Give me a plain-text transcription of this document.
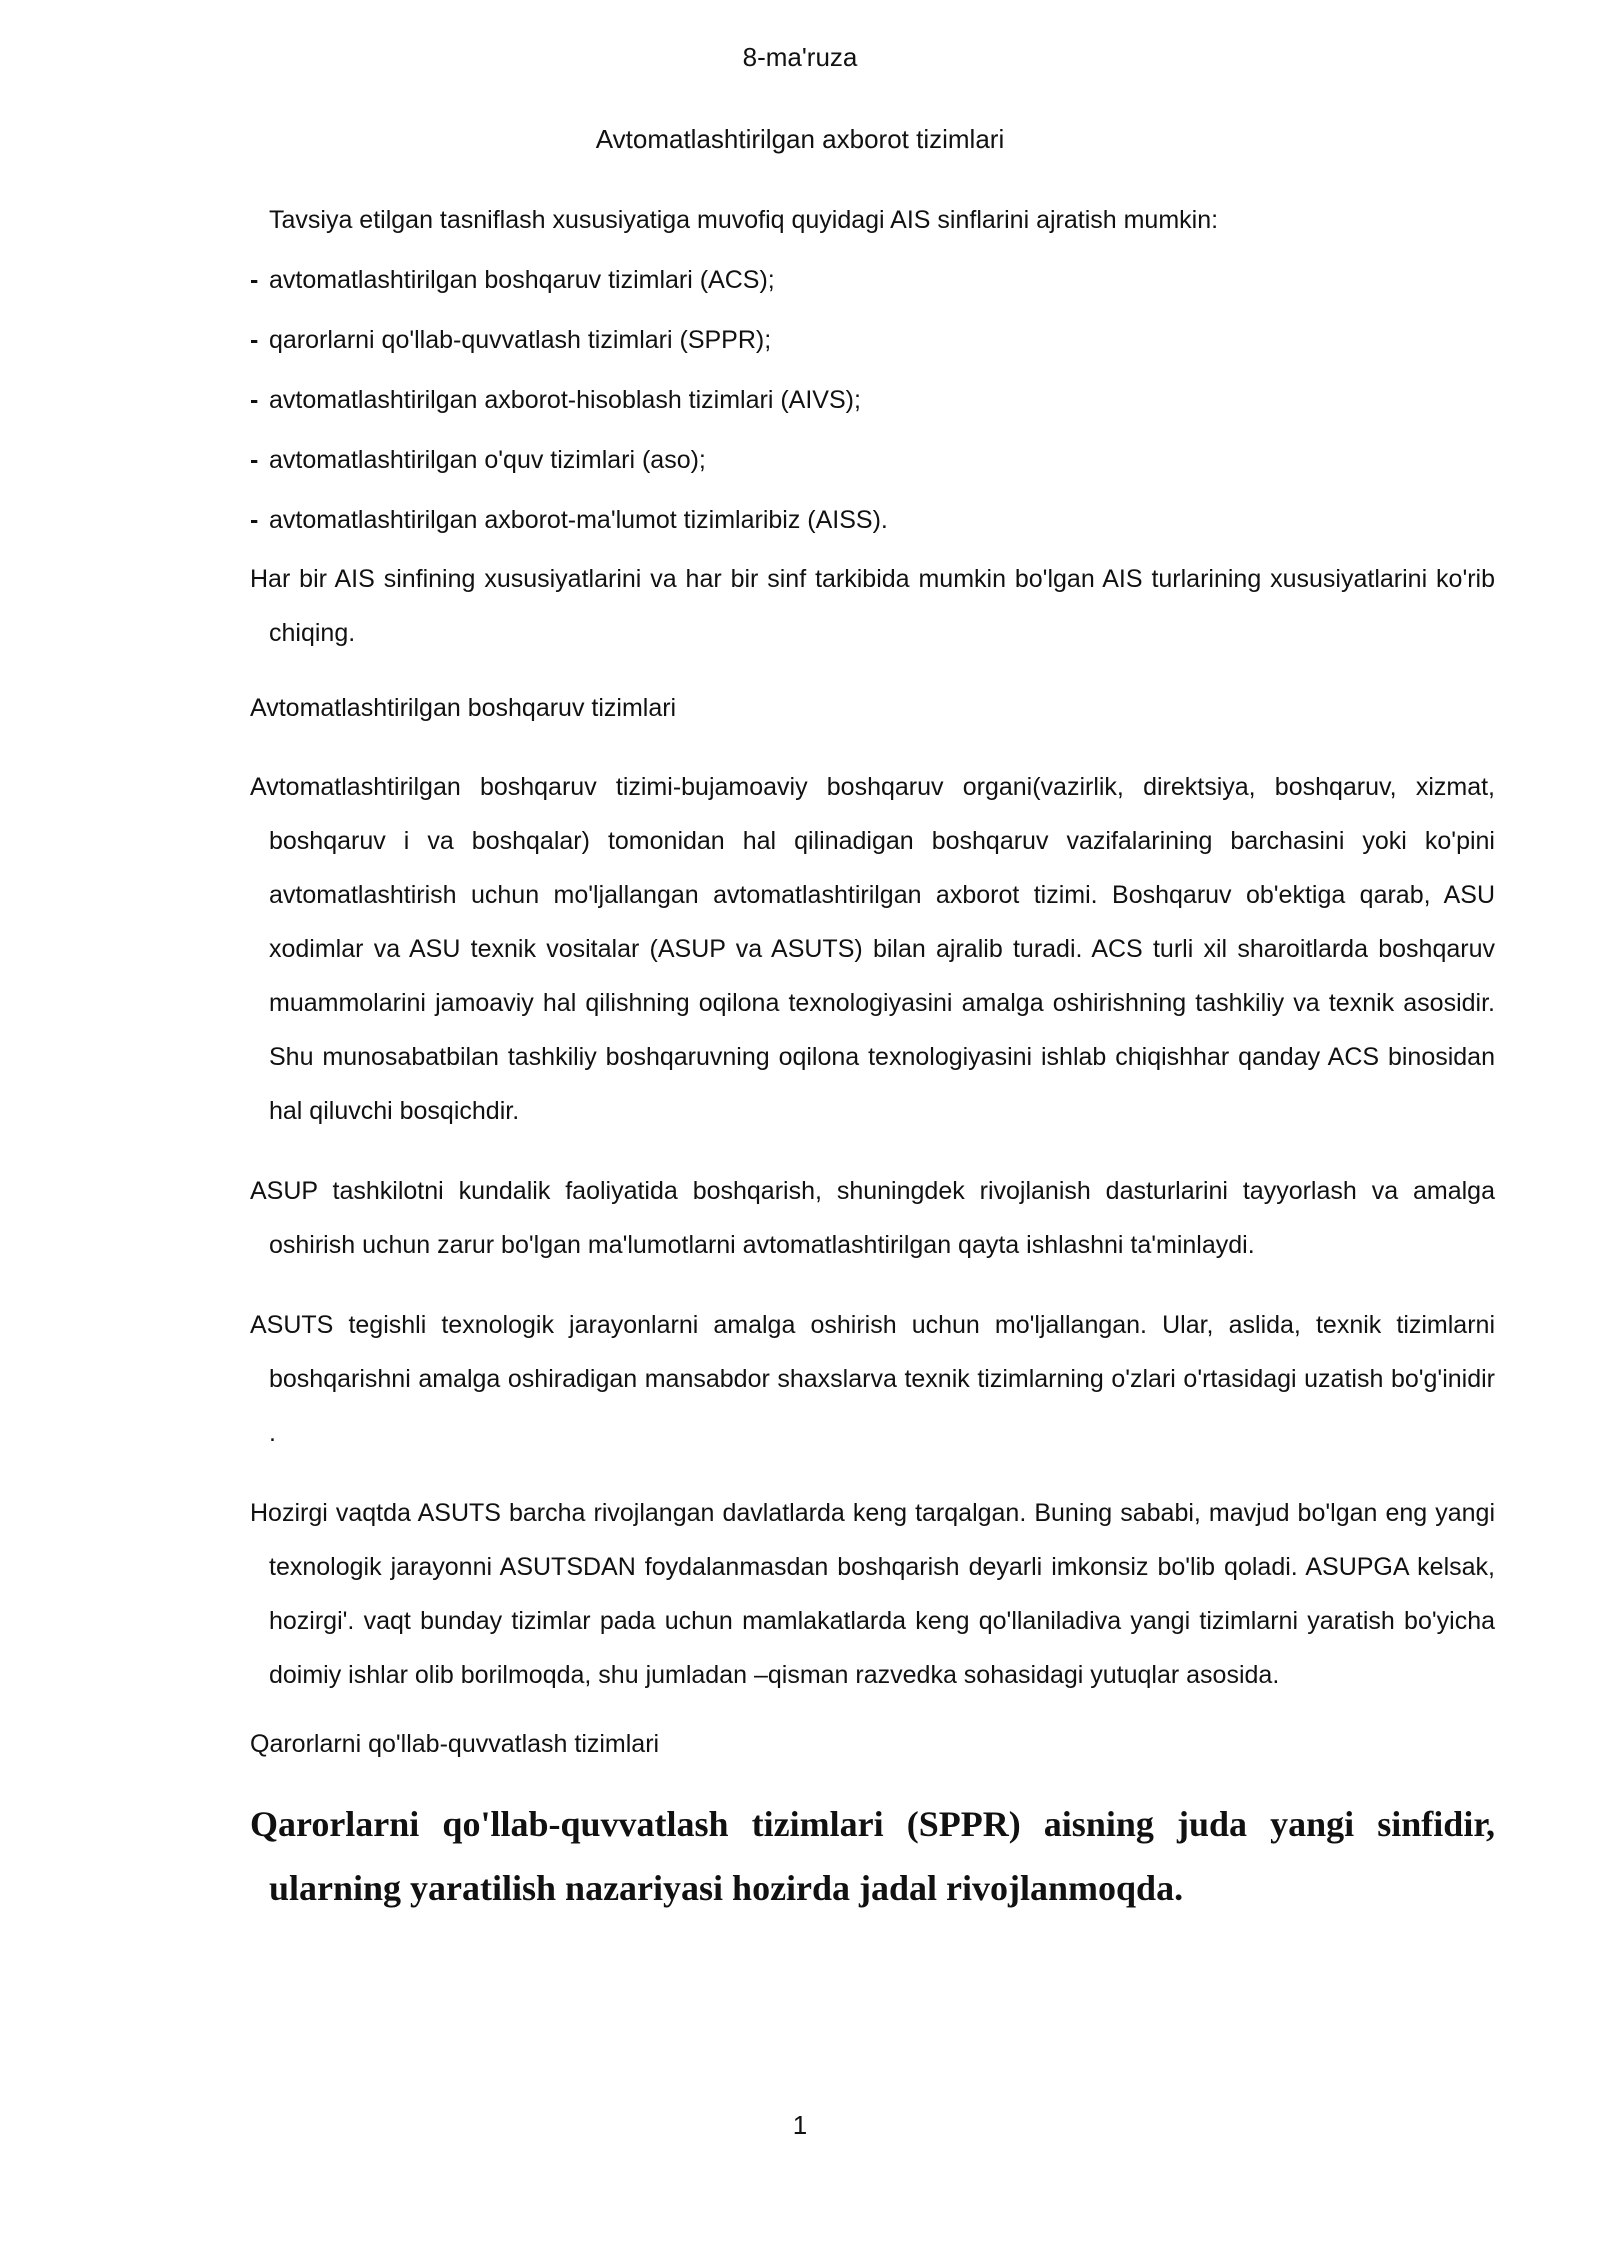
8-ma'ruza
Avtomatlashtirilgan axborot tizimlari

Tavsiya etilgan tasniflash xususiyatiga muvofiq quyidagi AIS sinflarini ajratish mumkin:

- avtomatlashtirilgan boshqaruv tizimlari (ACS);
- qarorlarni qo'llab-quvvatlash tizimlari (SPPR);
- avtomatlashtirilgan axborot-hisoblash tizimlari (AIVS);
- avtomatlashtirilgan o'quv tizimlari (aso);
- avtomatlashtirilgan axborot-ma'lumot tizimlaribiz (AISS).

Har bir AIS sinfining xususiyatlarini va har bir sinf tarkibida mumkin bo'lgan AIS turlarining xususiyatlarini ko'rib chiqing.

Avtomatlashtirilgan boshqaruv tizimlari

Avtomatlashtirilgan boshqaruv tizimi-bujamoaviy boshqaruv organi(vazirlik, direktsiya, boshqaruv, xizmat, boshqaruv i va boshqalar) tomonidan hal qilinadigan boshqaruv vazifalarining barchasini yoki ko'pini avtomatlashtirish uchun mo'ljallangan avtomatlashtirilgan axborot tizimi. Boshqaruv ob'ektiga qarab, ASU xodimlar va ASU texnik vositalar (ASUP va ASUTS) bilan ajralib turadi. ACS turli xil sharoitlarda boshqaruv muammolarini jamoaviy hal qilishning oqilona texnologiyasini amalga oshirishning tashkiliy va texnik asosidir. Shu munosabatbilan tashkiliy boshqaruvning oqilona texnologiyasini ishlab chiqishhar qanday ACS binosidan hal qiluvchi bosqichdir.

ASUP tashkilotni kundalik faoliyatida boshqarish, shuningdek rivojlanish dasturlarini tayyorlash va amalga oshirish uchun zarur bo'lgan ma'lumotlarni avtomatlashtirilgan qayta ishlashni ta'minlaydi.

ASUTS tegishli texnologik jarayonlarni amalga oshirish uchun mo'ljallangan. Ular, aslida, texnik tizimlarni boshqarishni amalga oshiradigan mansabdor shaxslarva texnik tizimlarning o'zlari o'rtasidagi uzatish bo'g'inidir .

Hozirgi vaqtda ASUTS barcha rivojlangan davlatlarda keng tarqalgan. Buning sababi, mavjud bo'lgan eng yangi texnologik jarayonni ASUTSDAN foydalanmasdan boshqarish deyarli imkonsiz bo'lib qoladi. ASUPGA kelsak, hozirgi'. vaqt bunday tizimlar pada uchun mamlakatlarda keng qo'llaniladiva yangi tizimlarni yaratish bo'yicha doimiy ishlar olib borilmoqda, shu jumladan –qisman razvedka sohasidagi yutuqlar asosida.

Qarorlarni qo'llab-quvvatlash tizimlari

Qarorlarni qo'llab-quvvatlash tizimlari (SPPR) aisning juda yangi sinfidir, ularning yaratilish nazariyasi hozirda jadal rivojlanmoqda.

1
